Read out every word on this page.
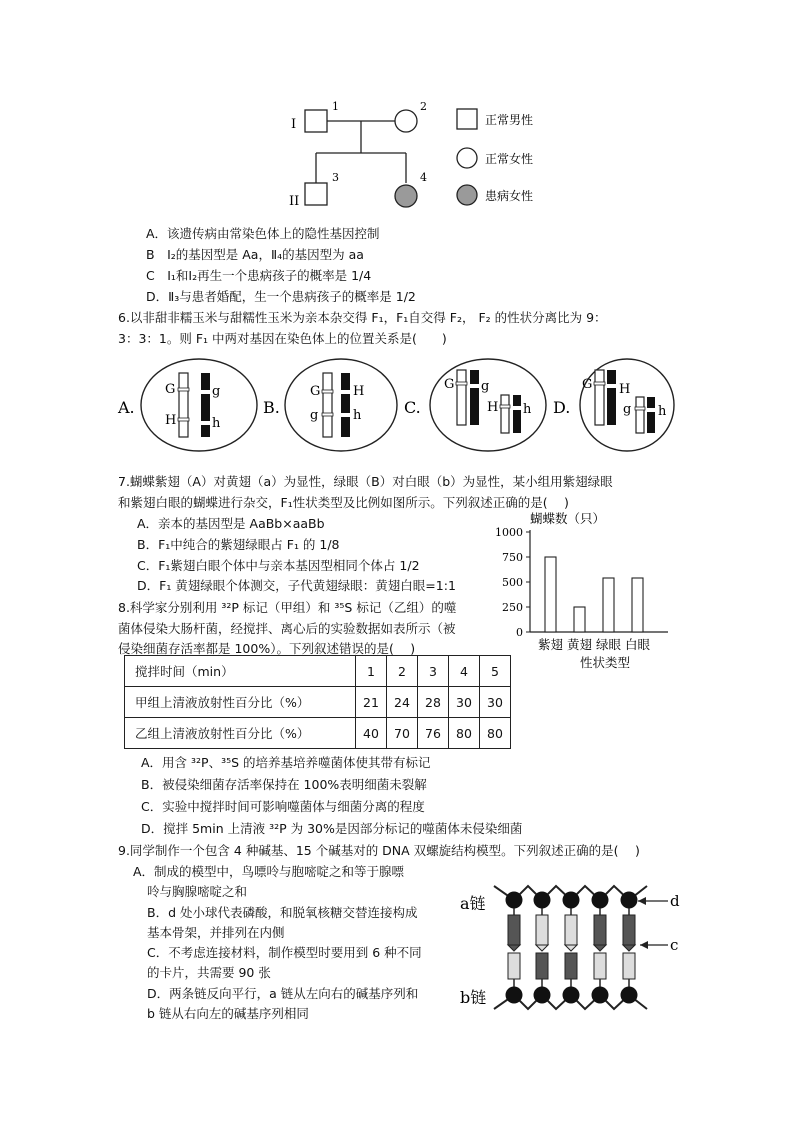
I
II
1	2
3	4
正常男性
正常女性
患病女性
A．该遗传病由常染色体上的隐性基因控制
B　Ⅰ₂的基因型是 Aa，Ⅱ₄的基因型为 aa
C　Ⅰ₁和Ⅰ₂再生一个患病孩子的概率是 1/4
D．Ⅱ₃与患者婚配，生一个患病孩子的概率是 1/2
6.以非甜非糯玉米与甜糯性玉米为亲本杂交得 F₁，F₁自交得 F₂， F₂ 的性状分离比为 9：
3：3：1。则 F₁ 中两对基因在染色体上的位置关系是(　　)
A.
G
H
g
h
B.
G
g
H
h	C.
G g
H h D.
G H
g h
7.蝴蝶紫翅（A）对黄翅（a）为显性，绿眼（B）对白眼（b）为显性，某小组用紫翅绿眼
和紫翅白眼的蝴蝶进行杂交，F₁性状类型及比例如图所示。下列叙述正确的是(　 )
A．亲本的基因型是 AaBb×aaBb
B．F₁中纯合的紫翅绿眼占 F₁ 的 1/8
C．F₁紫翅白眼个体中与亲本基因型相同个体占 1/2
D．F₁ 黄翅绿眼个体测交，子代黄翅绿眼：黄翅白眼=1:1
蝴蝶数（只）
0
250
500
750
1000
紫翅 黄翅 绿眼 白眼
性状类型
8.科学家分别利用 ³²P 标记（甲组）和 ³⁵S 标记（乙组）的噬
菌体侵染大肠杆菌，经搅拌、离心后的实验数据如表所示（被
侵染细菌存活率都是 100%）。下列叙述错误的是(　 )
搅拌时间（min）	1	2	3	4	5
甲组上清液放射性百分比（%）	21	24	28	30	30
乙组上清液放射性百分比（%）	40	70	76	80	80
A．用含 ³²P、³⁵S 的培养基培养噬菌体使其带有标记
B．被侵染细菌存活率保持在 100%表明细菌未裂解
C．实验中搅拌时间可影响噬菌体与细菌分离的程度
D．搅拌 5min 上清液 ³²P 为 30%是因部分标记的噬菌体未侵染细菌
9.同学制作一个包含 4 种碱基、15 个碱基对的 DNA 双螺旋结构模型。下列叙述正确的是(　 )
A．制成的模型中，鸟嘌呤与胞嘧啶之和等于腺嘌
呤与胸腺嘧啶之和
B．d 处小球代表磷酸，和脱氧核糖交替连接构成
基本骨架，并排列在内侧
C．不考虑连接材料，制作模型时要用到 6 种不同
的卡片，共需要 90 张
D．两条链反向平行，a 链从左向右的碱基序列和
b 链从右向左的碱基序列相同
a链
b链
d
c
